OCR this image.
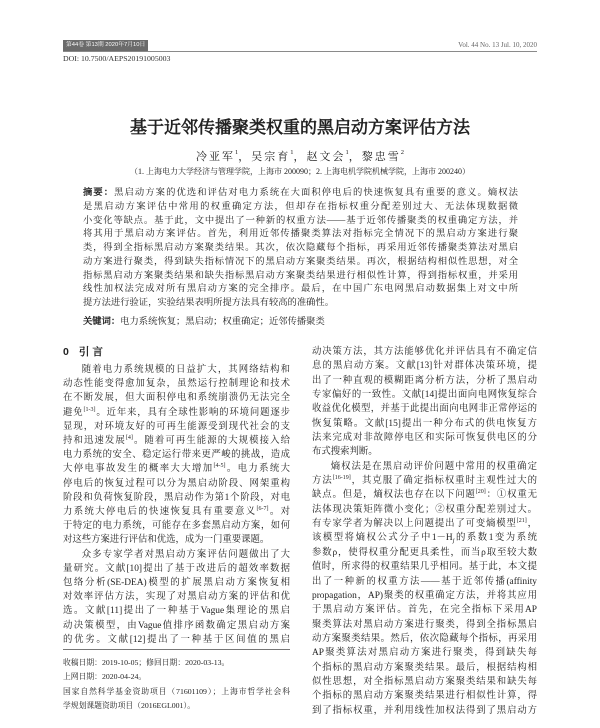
第44卷 第13期 2020年7月10日	Vol. 44 No. 13 Jul. 10, 2020
DOI: 10.7500/AEPS20191005003
基于近邻传播聚类权重的黑启动方案评估方法
冷亚军$^1$，吴宗育$^1$，赵文会$^1$，黎忠雪$^2$
（1. 上海电力大学经济与管理学院，上海市 200090；2. 上海电机学院机械学院，上海市 200240）
摘要：黑启动方案的优选和评估对电力系统在大面积停电后的快速恢复具有重要的意义。熵权法
是黑启动方案评估中常用的权重确定方法，但却存在指标权重分配差别过大、无法体现数据微
小变化等缺点。基于此，文中提出了一种新的权重方法——基于近邻传播聚类的权重确定方法，并
将其用于黑启动方案评估。首先，利用近邻传播聚类算法对指标完全情况下的黑启动方案进行聚
类，得到全指标黑启动方案聚类结果。其次，依次隐藏每个指标，再采用近邻传播聚类算法对黑启
动方案进行聚类，得到缺失指标情况下的黑启动方案聚类结果。再次，根据结构相似性思想，对全
指标黑启动方案聚类结果和缺失指标黑启动方案聚类结果进行相似性计算，得到指标权重，并采用
线性加权法完成对所有黑启动方案的完全排序。最后，在中国广东电网黑启动数据集上对文中所
提方法进行验证，实验结果表明所提方法具有较高的准确性。
关键词：电力系统恢复；黑启动；权重确定；近邻传播聚类
0 引言
随着电力系统规模的日益扩大，其网络结构和
动态性能变得愈加复杂，虽然运行控制理论和技术
在不断发展，但大面积停电和系统崩溃仍无法完全
避免[1-3]。近年来，具有全球性影响的环境问题逐步
显现，对环境友好的可再生能源受到现代社会的支
持和迅速发展[4]。随着可再生能源的大规模接入给
电力系统的安全、稳定运行带来更严峻的挑战，造成
大停电事故发生的概率大大增加[4-5]。电力系统大
停电后的恢复过程可以分为黑启动阶段、网架重构
阶段和负荷恢复阶段，黑启动作为第1个阶段，对电
力系统大停电后的快速恢复具有重要意义[6-7]。对
于特定的电力系统，可能存在多套黑启动方案，如何
对这些方案进行评估和优选，成为一门重要课题。
众多专家学者对黑启动方案评估问题做出了大
量研究。文献[10]提出了基于改进后的超效率数据
包络分析(SE-DEA)模型的扩展黑启动方案恢复相
对效率评估方法，实现了对黑启动方案的评估和优
选。文献[11]提出了一种基于Vague集理论的黑启
动决策模型，由Vague值排序函数确定黑启动方案
的优劣。文献[12]提出了一种基于区间值的黑启
动决策方法，其方法能够优化并评估具有不确定信
息的黑启动方案。文献[13]针对群体决策环境，提
出了一种直观的模糊距离分析方法，分析了黑启动
专家偏好的一致性。文献[14]提出面向电网恢复综合
收益优化模型，并基于此提出面向电网非正常停运的
恢复策略。文献[15]提出一种分布式的供电恢复方
法来完成对非故障停电区和实际可恢复供电区的分
布式搜索判断。
熵权法是在黑启动评价问题中常用的权重确定
方法[16-19]，其克服了确定指标权重时主观性过大的
缺点。但是，熵权法也存在以下问题[20]：①权重无
法体现决策矩阵微小变化；②权重分配差别过大。
有专家学者为解决以上问题提出了可变熵模型[21]，
该模型将熵权公式分子中$1-H_j$的系数1变为系统
参数ρ，使得权重分配更具柔性，而当ρ取至较大数
值时，所求得的权重结果几乎相同。基于此，本文提
出了一种新的权重方法——基于近邻传播(affinity
propagation，AP)聚类的权重确定方法，并将其应用
于黑启动方案评估。首先，在完全指标下采用AP
聚类算法对黑启动方案进行聚类，得到全指标黑启
动方案聚类结果。然后，依次隐藏每个指标，再采用
AP聚类算法对黑启动方案进行聚类，得到缺失每
个指标的黑启动方案聚类结果。最后，根据结构相
似性思想，对全指标黑启动方案聚类结果和缺失每
个指标的黑启动方案聚类结果进行相似性计算，得
到了指标权重，并利用线性加权法得到了黑启动方
收稿日期：2019-10-05；修回日期：2020-03-13。
上网日期：2020-04-24。
国家自然科学基金资助项目（71601109）；上海市哲学社会科
学规划课题资助项目（2016EGL001）。
